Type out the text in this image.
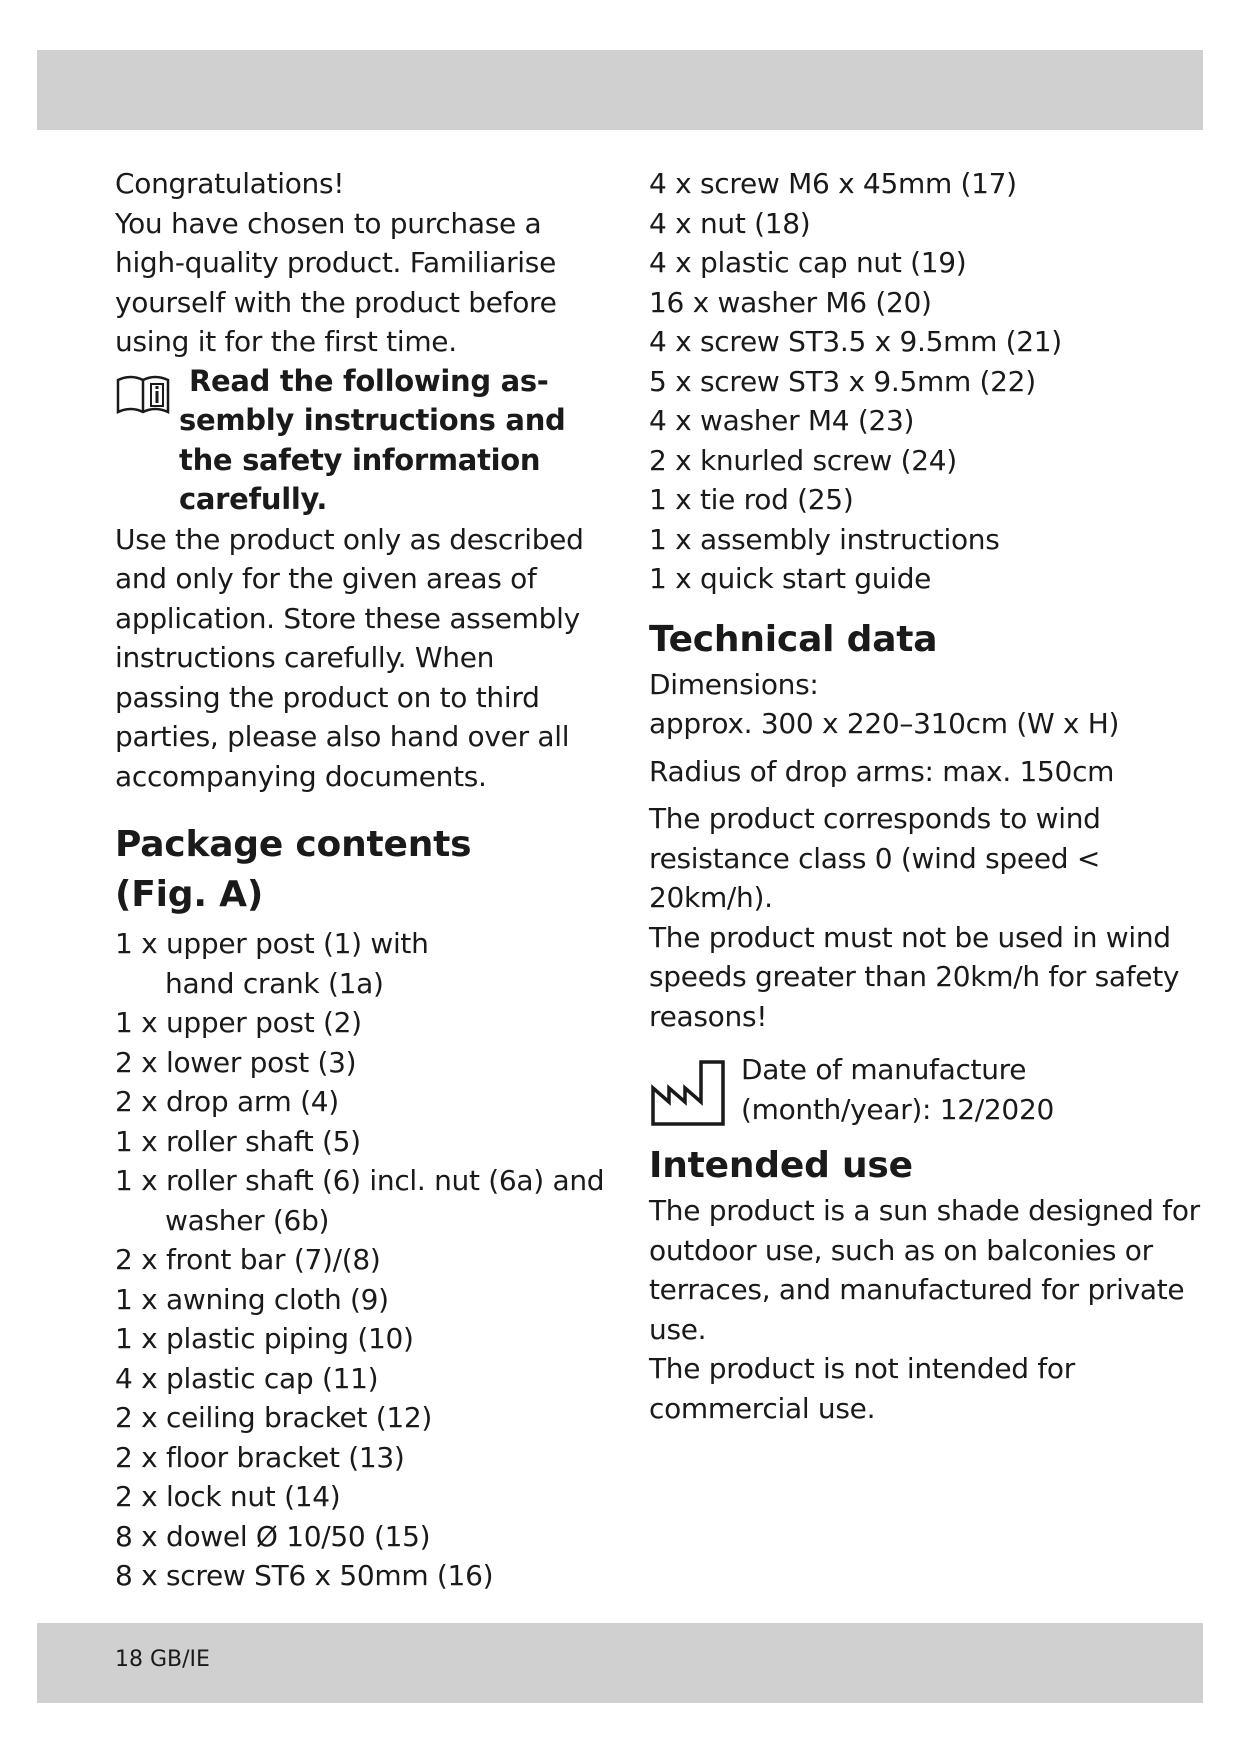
Congratulations!

You have chosen to purchase a high-quality product. Familiarise yourself with the product before using it for the first time.

Read the following as-
sembly instructions and
the safety information
carefully.

Use the product only as described and only for the given areas of application. Store these assembly instructions carefully. When passing the product on to third parties, please also hand over all accompanying documents.

Package contents
(Fig. A)
1 x upper post (1) with
hand crank (1a)
1 x upper post (2)
2 x lower post (3)
2 x drop arm (4)
1 x roller shaft (5)
1 x roller shaft (6) incl. nut (6a) and
washer (6b)
2 x front bar (7)/(8)
1 x awning cloth (9)
1 x plastic piping (10)
4 x plastic cap (11)
2 x ceiling bracket (12)
2 x floor bracket (13)
2 x lock nut (14)
8 x dowel Ø 10/50 (15)
8 x screw ST6 x 50mm (16)
4 x screw M6 x 45mm (17)
4 x nut (18)
4 x plastic cap nut (19)
16 x washer M6 (20)
4 x screw ST3.5 x 9.5mm (21)
5 x screw ST3 x 9.5mm (22)
4 x washer M4 (23)
2 x knurled screw (24)
1 x tie rod (25)
1 x assembly instructions
1 x quick start guide
Technical data

Dimensions:

approx. 300 x 220–310cm (W x H)

Radius of drop arms: max. 150cm

The product corresponds to wind resistance class 0 (wind speed < 20km/h).

The product must not be used in wind speeds greater than 20km/h for safety reasons!

Date of manufacture
(month/year): 12/2020
Intended use

The product is a sun shade designed for outdoor use, such as on balconies or terraces, and manufactured for private use.

The product is not intended for commercial use.

18 GB/IE
